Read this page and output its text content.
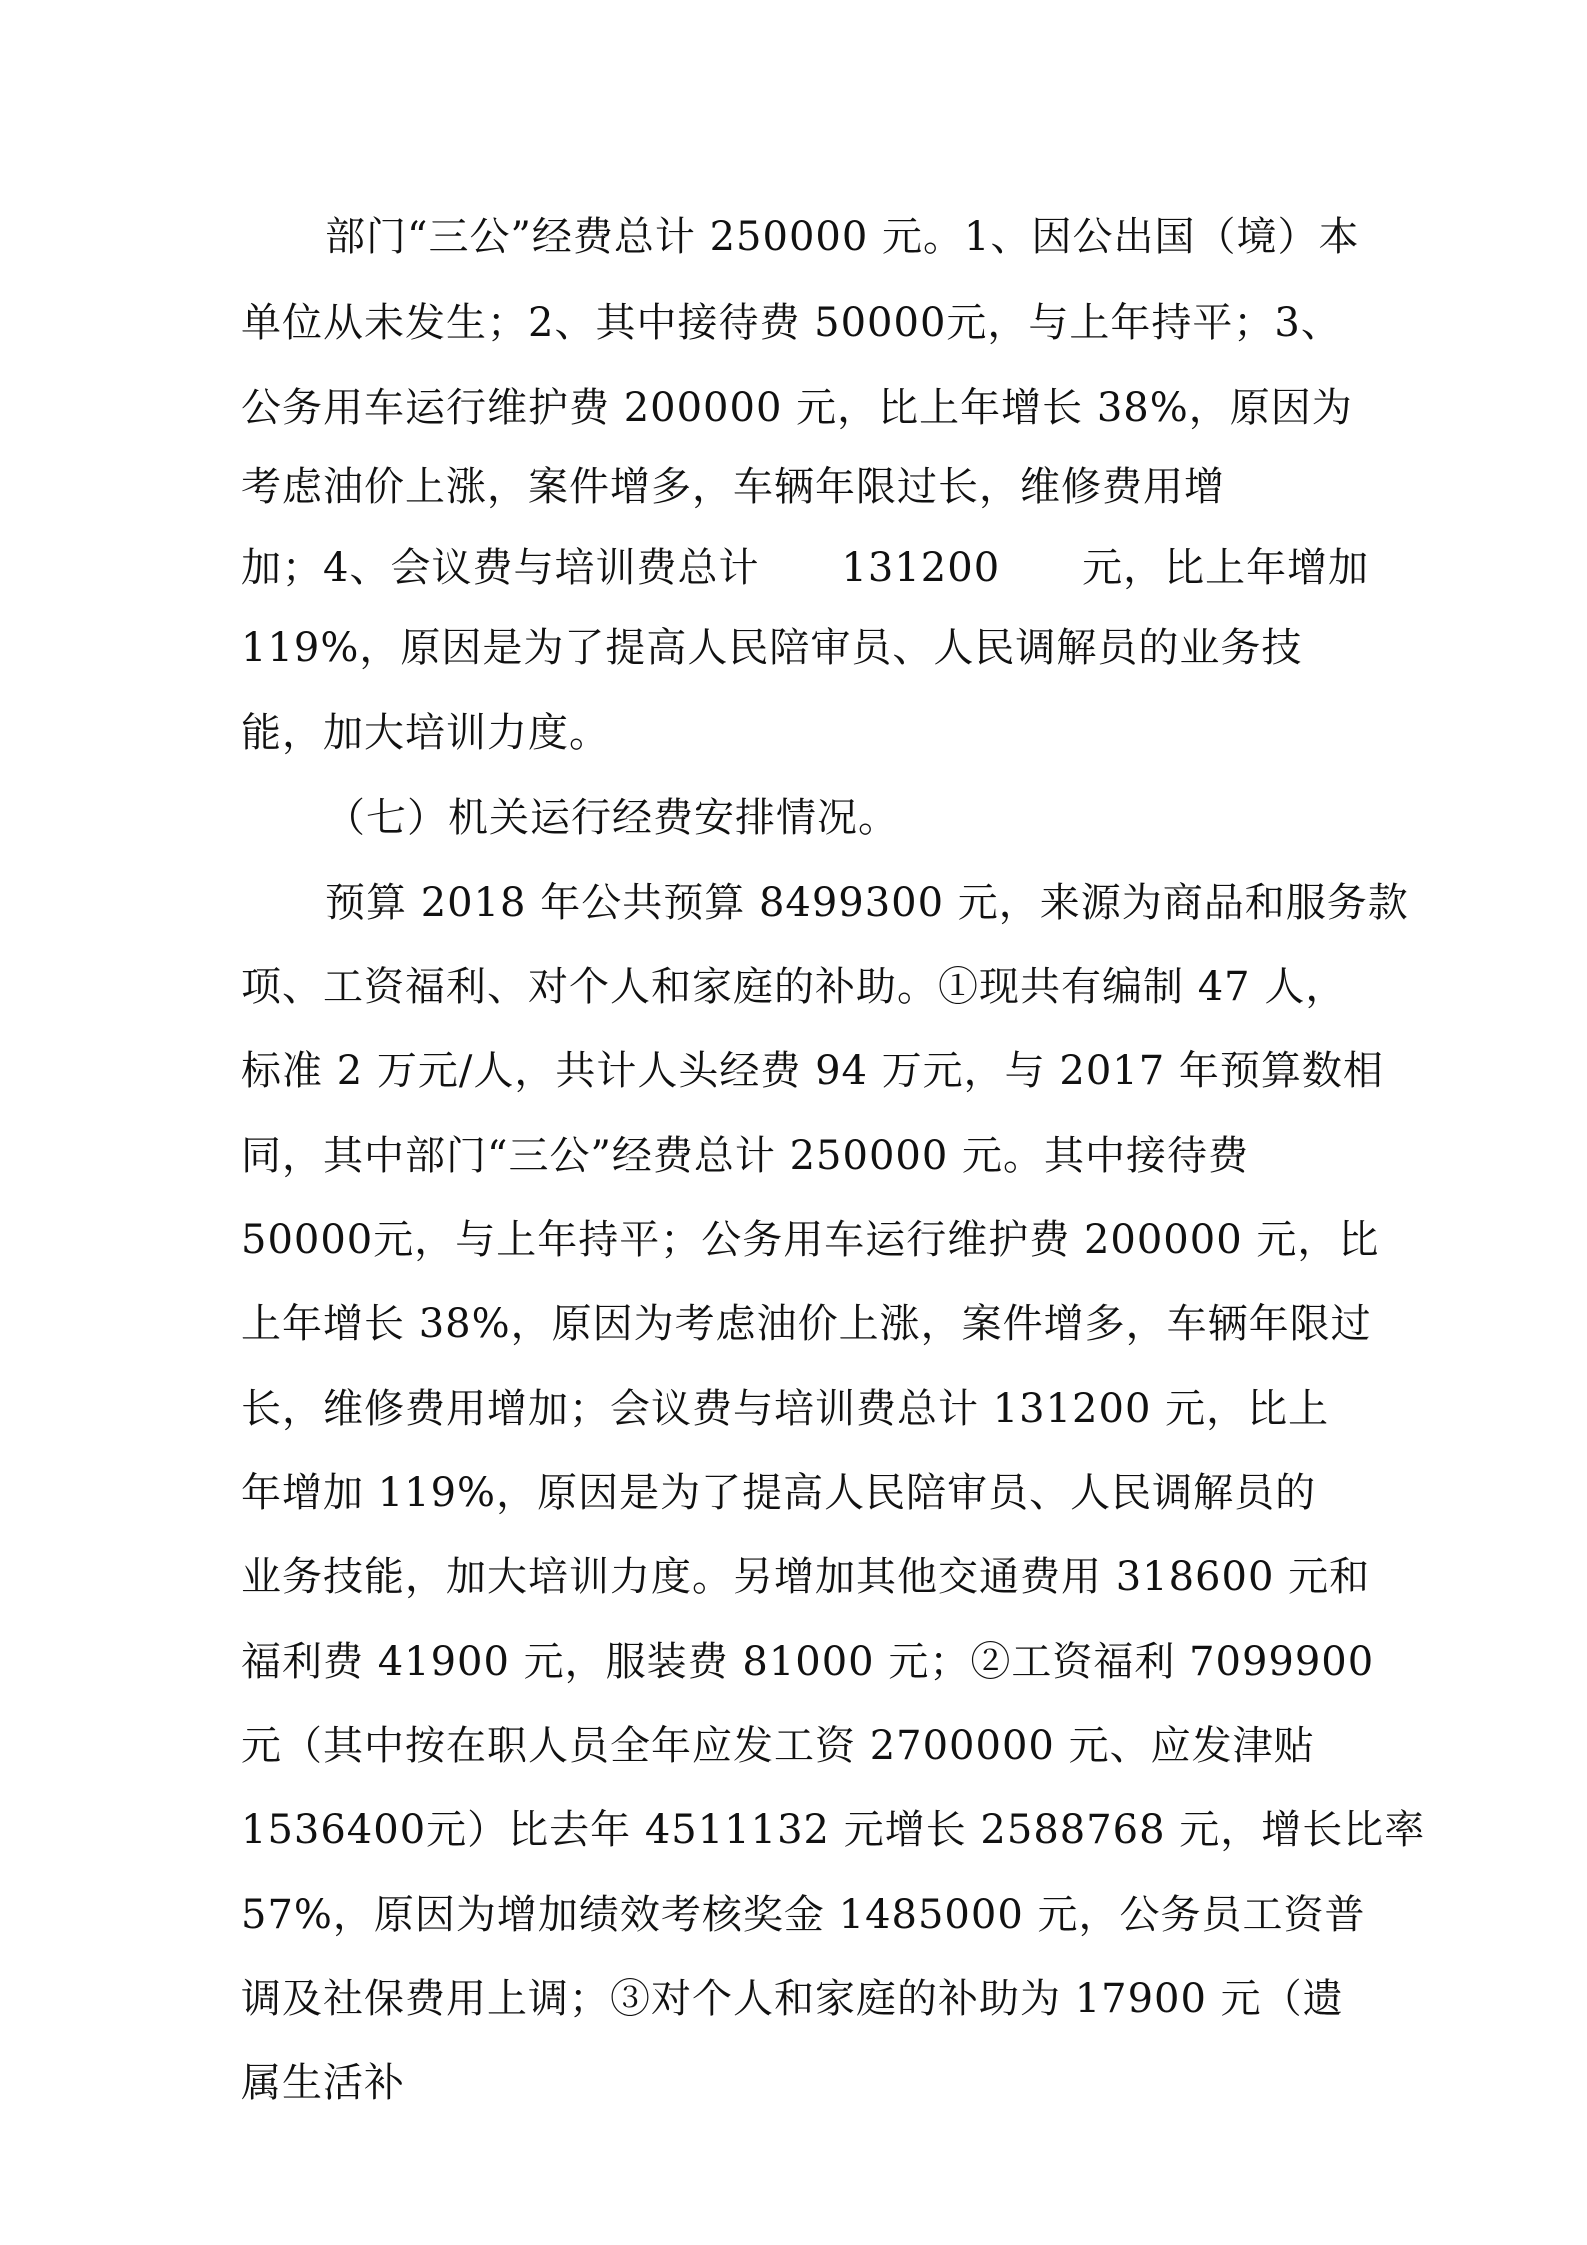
部门“三公”经费总计 250000 元。1、因公出国（境）本
单位从未发生；2、其中接待费 50000元，与上年持平；3、
公务用车运行维护费 200000 元，比上年增长 38%，原因为
考虑油价上涨，案件增多，车辆年限过长，维修费用增
加；4、会议费与培训费总计　　131200　　元，比上年增加
119%，原因是为了提高人民陪审员、人民调解员的业务技
能，加大培训力度。
（七）机关运行经费安排情况。
预算 2018 年公共预算 8499300 元，来源为商品和服务款
项、工资福利、对个人和家庭的补助。①现共有编制 47 人，
标准 2 万元/人，共计人头经费 94 万元，与 2017 年预算数相
同，其中部门“三公”经费总计 250000 元。其中接待费
50000元，与上年持平；公务用车运行维护费 200000 元，比
上年增长 38%，原因为考虑油价上涨，案件增多，车辆年限过
长，维修费用增加；会议费与培训费总计 131200 元，比上
年增加 119%，原因是为了提高人民陪审员、人民调解员的
业务技能，加大培训力度。另增加其他交通费用 318600 元和
福利费 41900 元，服装费 81000 元；②工资福利 7099900
元（其中按在职人员全年应发工资 2700000 元、应发津贴
1536400元）比去年 4511132 元增长 2588768 元，增长比率
57%，原因为增加绩效考核奖金 1485000 元，公务员工资普
调及社保费用上调；③对个人和家庭的补助为 17900 元（遗
属生活补
